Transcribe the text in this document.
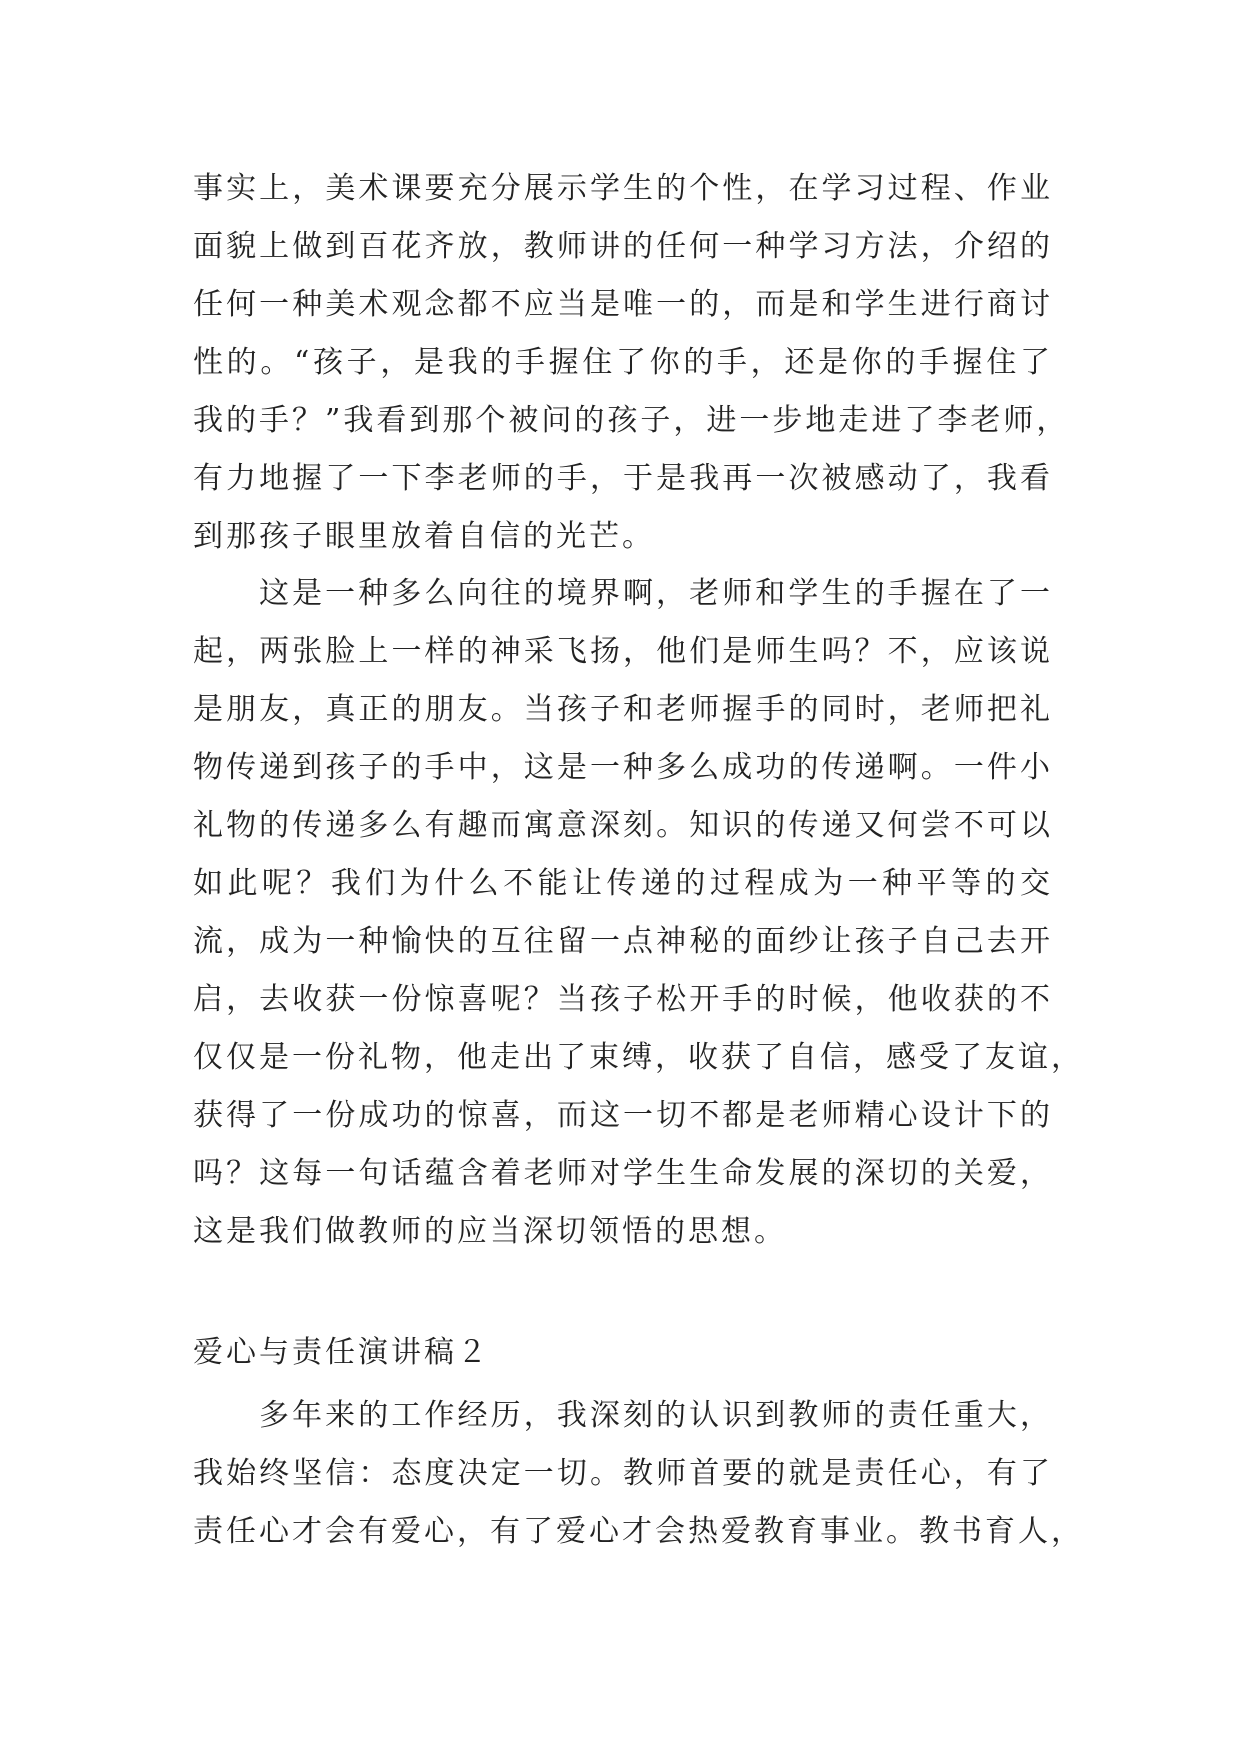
事实上，美术课要充分展示学生的个性，在学习过程、作业
面貌上做到百花齐放，教师讲的任何一种学习方法，介绍的
任何一种美术观念都不应当是唯一的，而是和学生进行商讨
性的。“孩子，是我的手握住了你的手，还是你的手握住了
我的手？”我看到那个被问的孩子，进一步地走进了李老师，
有力地握了一下李老师的手，于是我再一次被感动了，我看
到那孩子眼里放着自信的光芒。
这是一种多么向往的境界啊，老师和学生的手握在了一
起，两张脸上一样的神采飞扬，他们是师生吗？不，应该说
是朋友，真正的朋友。当孩子和老师握手的同时，老师把礼
物传递到孩子的手中，这是一种多么成功的传递啊。一件小
礼物的传递多么有趣而寓意深刻。知识的传递又何尝不可以
如此呢？我们为什么不能让传递的过程成为一种平等的交
流，成为一种愉快的互往留一点神秘的面纱让孩子自己去开
启，去收获一份惊喜呢？当孩子松开手的时候，他收获的不
仅仅是一份礼物，他走出了束缚，收获了自信，感受了友谊，
获得了一份成功的惊喜，而这一切不都是老师精心设计下的
吗？这每一句话蕴含着老师对学生生命发展的深切的关爱，
这是我们做教师的应当深切领悟的思想。
爱心与责任演讲稿２
多年来的工作经历，我深刻的认识到教师的责任重大，
我始终坚信：态度决定一切。教师首要的就是责任心，有了
责任心才会有爱心，有了爱心才会热爱教育事业。教书育人，
